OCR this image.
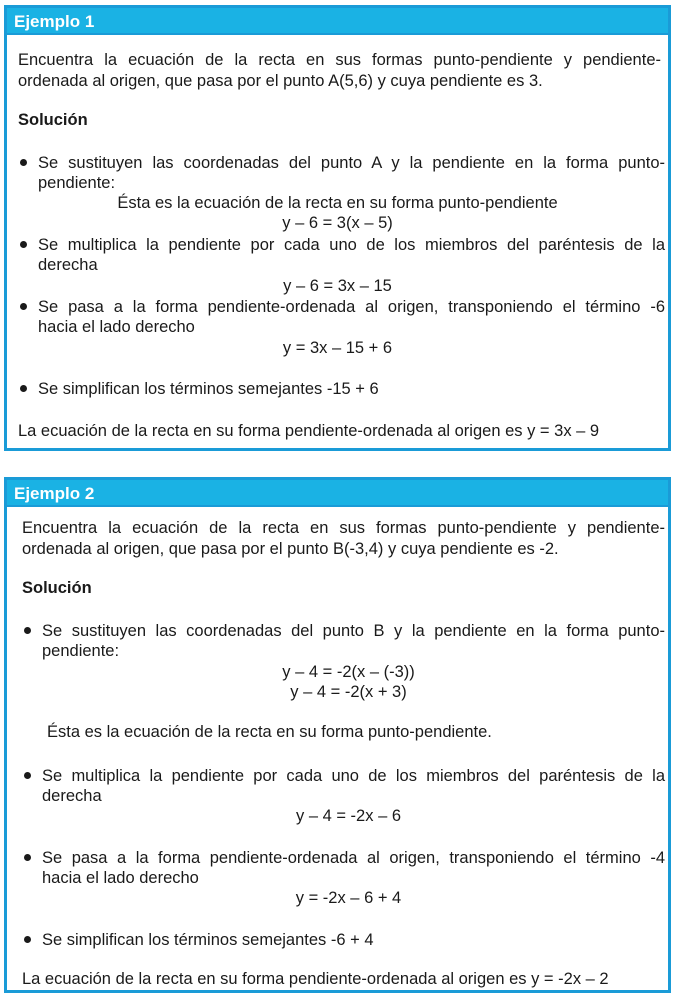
Ejemplo 1
Encuentra la ecuación de la recta en sus formas punto-pendiente y pendiente-
ordenada al origen, que pasa por el punto A(5,6) y cuya pendiente es 3.
Solución
Se sustituyen las coordenadas del punto A y la pendiente en la forma punto-
pendiente:
Ésta es la ecuación de la recta en su forma punto-pendiente
y – 6 = 3(x – 5)
Se multiplica la pendiente por cada uno de los miembros del paréntesis de la
derecha
y – 6 = 3x – 15
Se pasa a la forma pendiente-ordenada al origen, transponiendo el término -6
hacia el lado derecho
y = 3x – 15 + 6
Se simplifican los términos semejantes -15 + 6
La ecuación de la recta en su forma pendiente-ordenada al origen es y = 3x – 9
Ejemplo 2
Encuentra la ecuación de la recta en sus formas punto-pendiente y pendiente-
ordenada al origen, que pasa por el punto B(-3,4) y cuya pendiente es -2.
Solución
Se sustituyen las coordenadas del punto B y la pendiente en la forma punto-
pendiente:
y – 4 = -2(x – (-3))
y – 4 = -2(x + 3)
Ésta es la ecuación de la recta en su forma punto-pendiente.
Se multiplica la pendiente por cada uno de los miembros del paréntesis de la
derecha
y – 4 = -2x – 6
Se pasa a la forma pendiente-ordenada al origen, transponiendo el término -4
hacia el lado derecho
y = -2x – 6 + 4
Se simplifican los términos semejantes -6 + 4
La ecuación de la recta en su forma pendiente-ordenada al origen es y = -2x – 2
